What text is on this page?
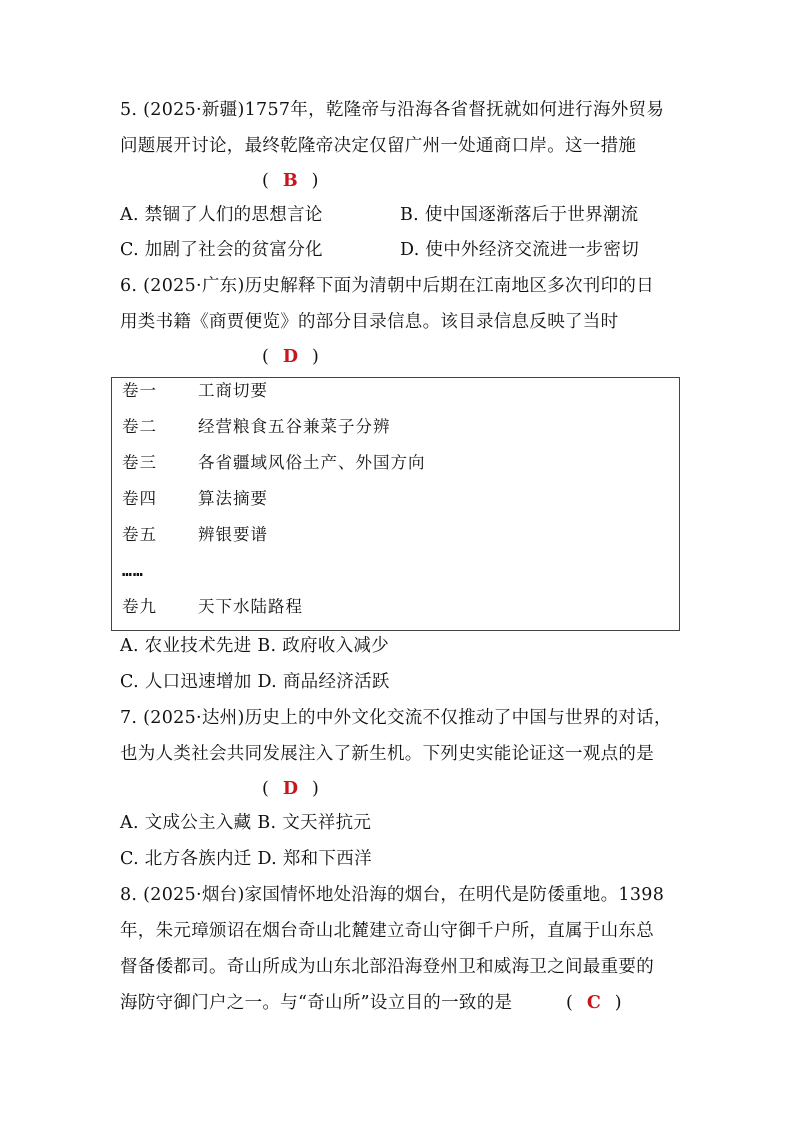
5. (2025·新疆)1757年，乾隆帝与沿海各省督抚就如何进行海外贸易
问题展开讨论，最终乾隆帝决定仅留广州一处通商口岸。这一措施
( B )
A. 禁锢了人们的思想言论	B. 使中国逐渐落后于世界潮流
C. 加剧了社会的贫富分化	D. 使中外经济交流进一步密切
6. (2025·广东)历史解释下面为清朝中后期在江南地区多次刊印的日
用类书籍《商贾便览》的部分目录信息。该目录信息反映了当时
( D )
卷一 工商切要
卷二 经营粮食五谷兼菜子分辨
卷三 各省疆域风俗土产、外国方向
卷四 算法摘要
卷五 辨银要谱
……
卷九 天下水陆路程
A. 农业技术先进 B. 政府收入减少
C. 人口迅速增加 D. 商品经济活跃
7. (2025·达州)历史上的中外文化交流不仅推动了中国与世界的对话，
也为人类社会共同发展注入了新生机。下列史实能论证这一观点的是
( D )
A. 文成公主入藏 B. 文天祥抗元
C. 北方各族内迁 D. 郑和下西洋
8. (2025·烟台)家国情怀地处沿海的烟台，在明代是防倭重地。1398
年，朱元璋颁诏在烟台奇山北麓建立奇山守御千户所，直属于山东总
督备倭都司。奇山所成为山东北部沿海登州卫和威海卫之间最重要的
海防守御门户之一。与“奇山所”设立目的一致的是	( C )
